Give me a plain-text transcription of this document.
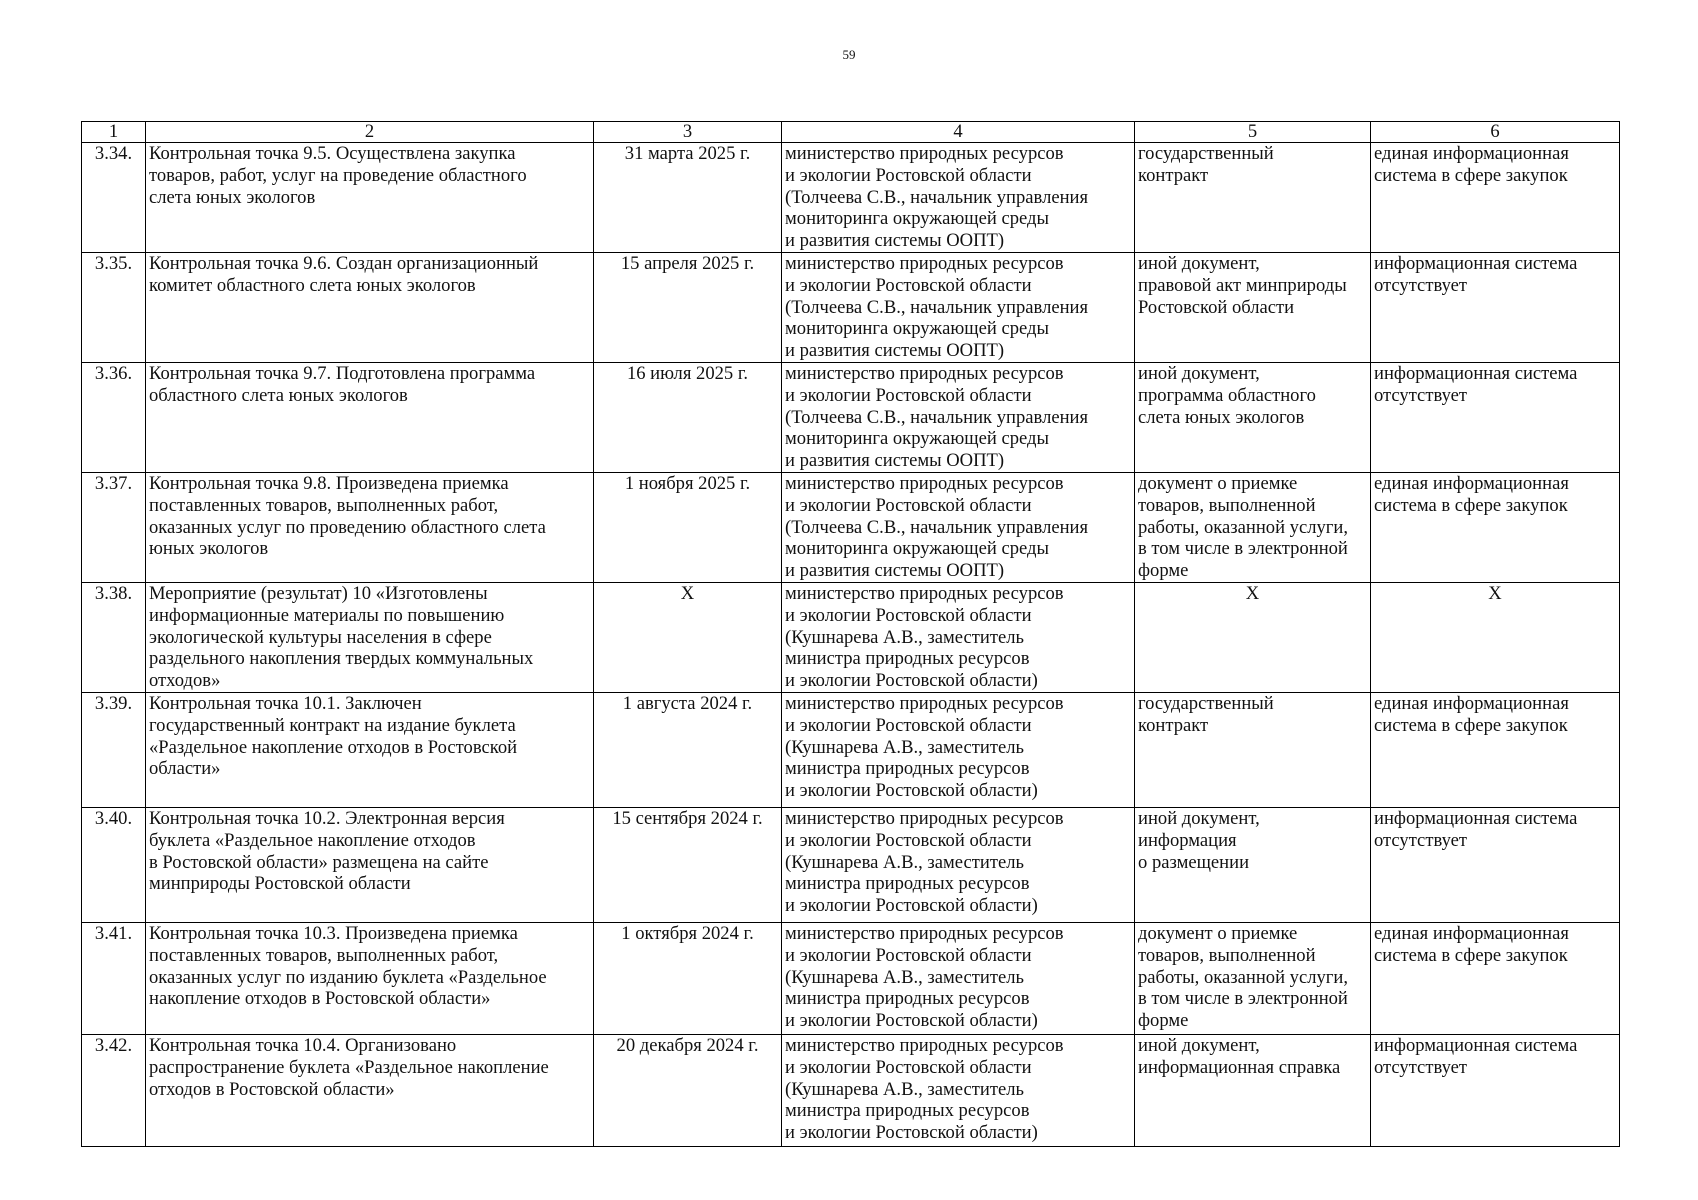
59
1	2	3	4	5	6
3.34.	Контрольная точка 9.5. Осуществлена закупка
товаров, работ, услуг на проведение областного
слета юных экологов	31 марта 2025 г.	министерство природных ресурсов
и экологии Ростовской области
(Толчеева С.В., начальник управления
мониторинга окружающей среды
и развития системы ООПТ)	государственный
контракт	единая информационная
система в сфере закупок
3.35.	Контрольная точка 9.6. Создан организационный
комитет областного слета юных экологов	15 апреля 2025 г.	министерство природных ресурсов
и экологии Ростовской области
(Толчеева С.В., начальник управления
мониторинга окружающей среды
и развития системы ООПТ)	иной документ,
правовой акт минприроды
Ростовской области	информационная система
отсутствует
3.36.	Контрольная точка 9.7. Подготовлена программа
областного слета юных экологов	16 июля 2025 г.	министерство природных ресурсов
и экологии Ростовской области
(Толчеева С.В., начальник управления
мониторинга окружающей среды
и развития системы ООПТ)	иной документ,
программа областного
слета юных экологов	информационная система
отсутствует
3.37.	Контрольная точка 9.8. Произведена приемка
поставленных товаров, выполненных работ,
оказанных услуг по проведению областного слета
юных экологов	1 ноября 2025 г.	министерство природных ресурсов
и экологии Ростовской области
(Толчеева С.В., начальник управления
мониторинга окружающей среды
и развития системы ООПТ)	документ о приемке
товаров, выполненной
работы, оказанной услуги,
в том числе в электронной
форме	единая информационная
система в сфере закупок
3.38.	Мероприятие (результат) 10 «Изготовлены
информационные материалы по повышению
экологической культуры населения в сфере
раздельного накопления твердых коммунальных
отходов»	X	министерство природных ресурсов
и экологии Ростовской области
(Кушнарева А.В., заместитель
министра природных ресурсов
и экологии Ростовской области)	X	X
3.39.	Контрольная точка 10.1. Заключен
государственный контракт на издание буклета
«Раздельное накопление отходов в Ростовской
области»	1 августа 2024 г.	министерство природных ресурсов
и экологии Ростовской области
(Кушнарева А.В., заместитель
министра природных ресурсов
и экологии Ростовской области)	государственный
контракт	единая информационная
система в сфере закупок
3.40.	Контрольная точка 10.2. Электронная версия
буклета «Раздельное накопление отходов
в Ростовской области» размещена на сайте
минприроды Ростовской области	15 сентября 2024 г.	министерство природных ресурсов
и экологии Ростовской области
(Кушнарева А.В., заместитель
министра природных ресурсов
и экологии Ростовской области)	иной документ,
информация
о размещении	информационная система
отсутствует
3.41.	Контрольная точка 10.3. Произведена приемка
поставленных товаров, выполненных работ,
оказанных услуг по изданию буклета «Раздельное
накопление отходов в Ростовской области»	1 октября 2024 г.	министерство природных ресурсов
и экологии Ростовской области
(Кушнарева А.В., заместитель
министра природных ресурсов
и экологии Ростовской области)	документ о приемке
товаров, выполненной
работы, оказанной услуги,
в том числе в электронной
форме	единая информационная
система в сфере закупок
3.42.	Контрольная точка 10.4. Организовано
распространение буклета «Раздельное накопление
отходов в Ростовской области»	20 декабря 2024 г.	министерство природных ресурсов
и экологии Ростовской области
(Кушнарева А.В., заместитель
министра природных ресурсов
и экологии Ростовской области)	иной документ,
информационная справка	информационная система
отсутствует
